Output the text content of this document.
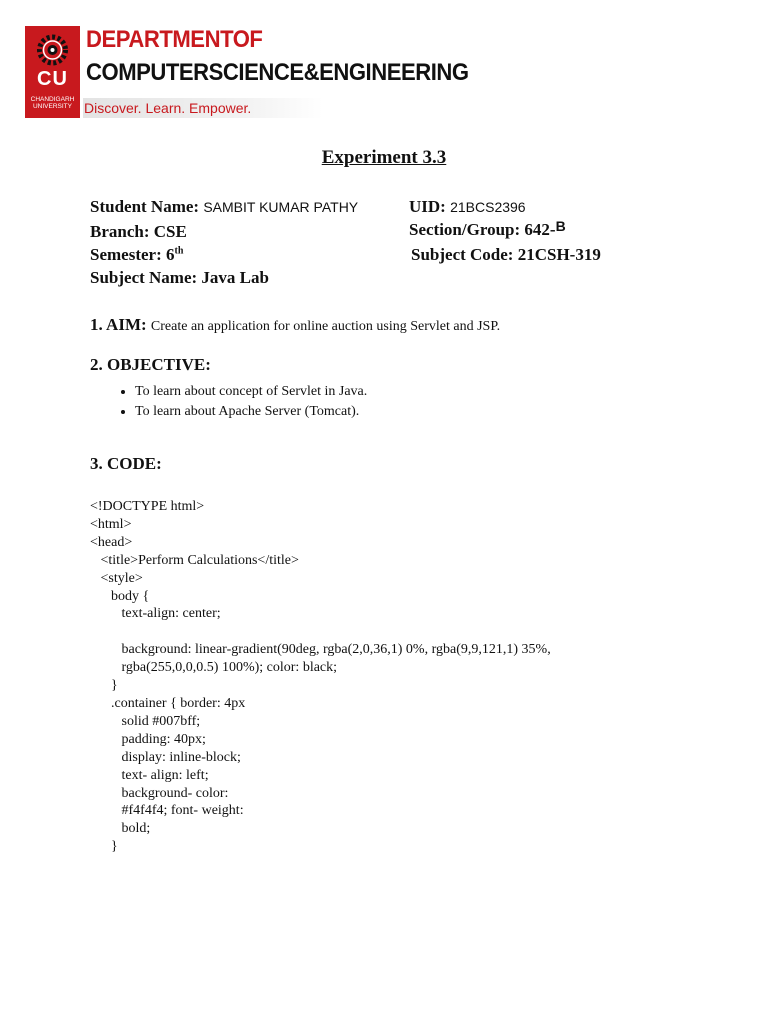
CU
CHANDIGARH UNIVERSITY
DEPARTMENTOF
COMPUTERSCIENCE&ENGINEERING
Discover. Learn. Empower.
Experiment 3.3
Student Name: SAMBIT KUMAR PATHY	UID: 21BCS2396
Branch: CSE	Section/Group: 642-$^B$
Semester: 6th	Subject Code: 21CSH-319
Subject Name: Java Lab
1. AIM: Create an application for online auction using Servlet and JSP.
2. OBJECTIVE:
• To learn about concept of Servlet in Java.
• To learn about Apache Server (Tomcat).
3. CODE:
<!DOCTYPE html>
<html>
<head>
<title>Perform Calculations</title>
<style>
body {
text-align: center;

background: linear-gradient(90deg, rgba(2,0,36,1) 0%, rgba(9,9,121,1) 35%,
rgba(255,0,0,0.5) 100%); color: black;
}
.container { border: 4px
solid #007bff;
padding: 40px;
display: inline-block;
text- align: left;
background- color:
#f4f4f4; font- weight:
bold;
}
